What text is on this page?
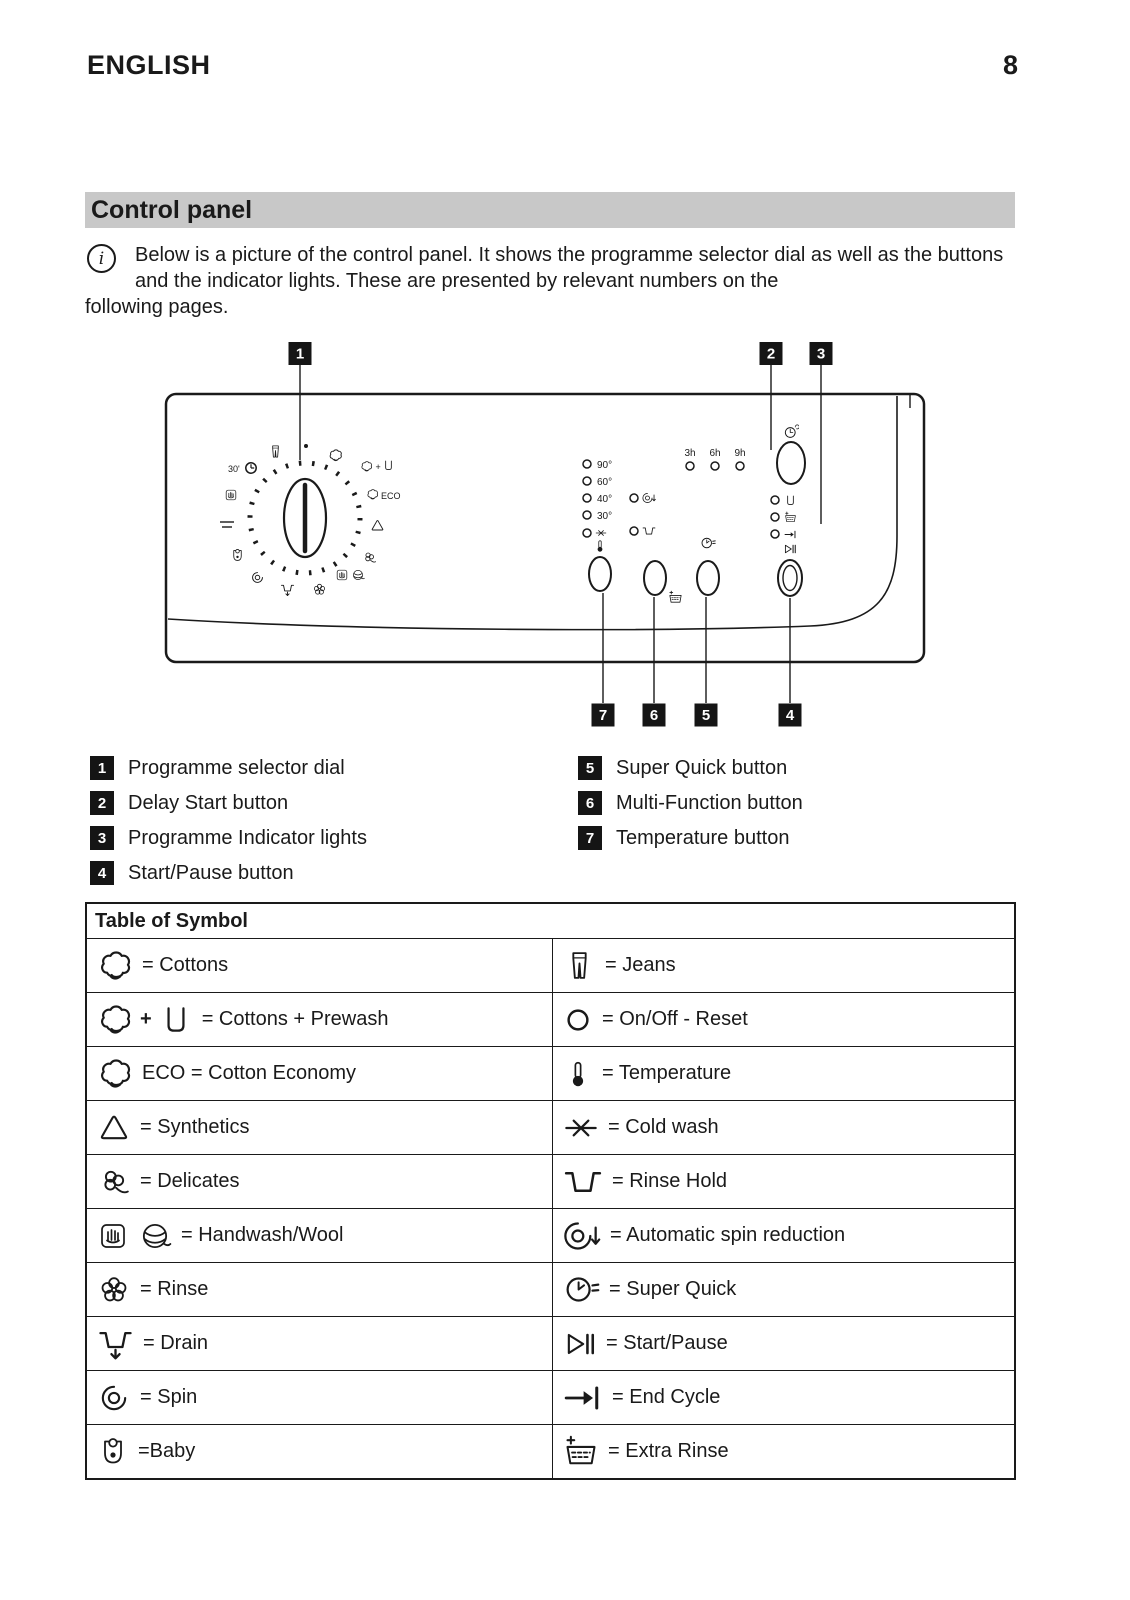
ENGLISH	8
Control panel
i	Below is a picture of the control panel. It shows the programme selector dial as well as the buttons and the indicator lights. These are presented by relevant numbers on the
following pages.
1	2	3
7	6	5	4
+
ECO
30'	90°
60°
40°
30°
3h 6h 9h
1	Programme selector dial
2	Delay Start button
3	Programme Indicator lights
4	Start/Pause button
5	Super Quick button
6	Multi-Function button
7	Temperature button
Table of Symbol
= Cottons	= Jeans
+	= Cottons + Prewash	= On/Off - Reset
ECO = Cotton Economy	= Temperature
= Synthetics	= Cold wash
= Delicates	= Rinse Hold
= Handwash/Wool	= Automatic spin reduction
= Rinse	= Super Quick
= Drain	= Start/Pause
= Spin	= End Cycle
=Baby	= Extra Rinse
